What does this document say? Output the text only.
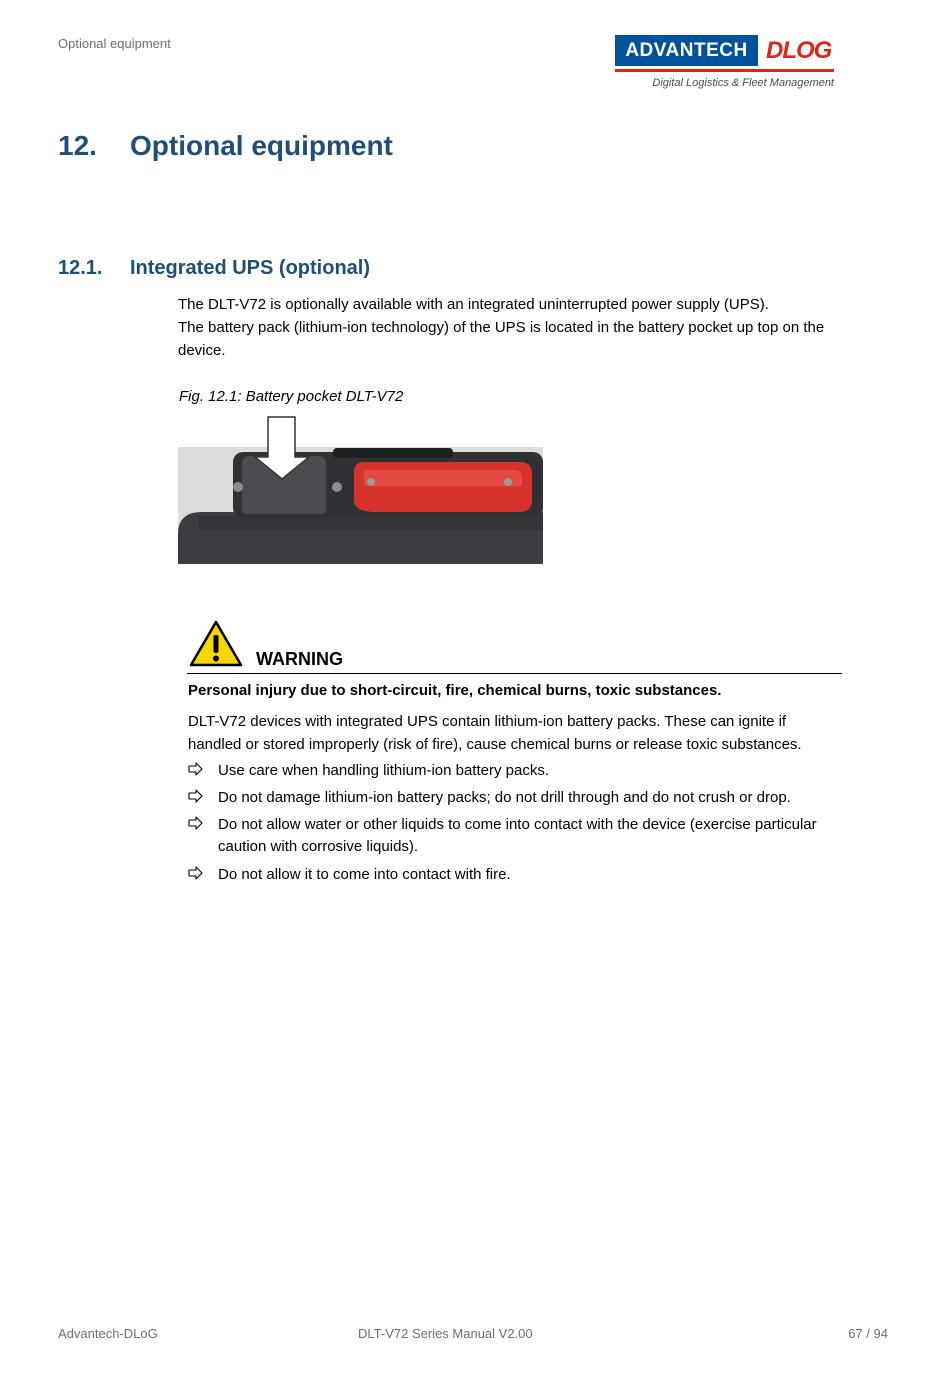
Optional equipment	ADVANTECH DLOG
Digital Logistics & Fleet Management
12. Optional equipment
12.1. Integrated UPS (optional)
The DLT-V72 is optionally available with an integrated uninterrupted power supply (UPS).
The battery pack (lithium-ion technology) of the UPS is located in the battery pocket up top on the device.
Fig. 12.1: Battery pocket DLT-V72
WARNING
Personal injury due to short-circuit, fire, chemical burns, toxic substances.
DLT-V72 devices with integrated UPS contain lithium-ion battery packs. These can ignite if handled or stored improperly (risk of fire), cause chemical burns or release toxic substances.
Use care when handling lithium-ion battery packs.
Do not damage lithium-ion battery packs; do not drill through and do not crush or drop.
Do not allow water or other liquids to come into contact with the device (exercise particular caution with corrosive liquids).
Do not allow it to come into contact with fire.
Advantech-DLoG	DLT-V72 Series Manual V2.00	67 / 94
